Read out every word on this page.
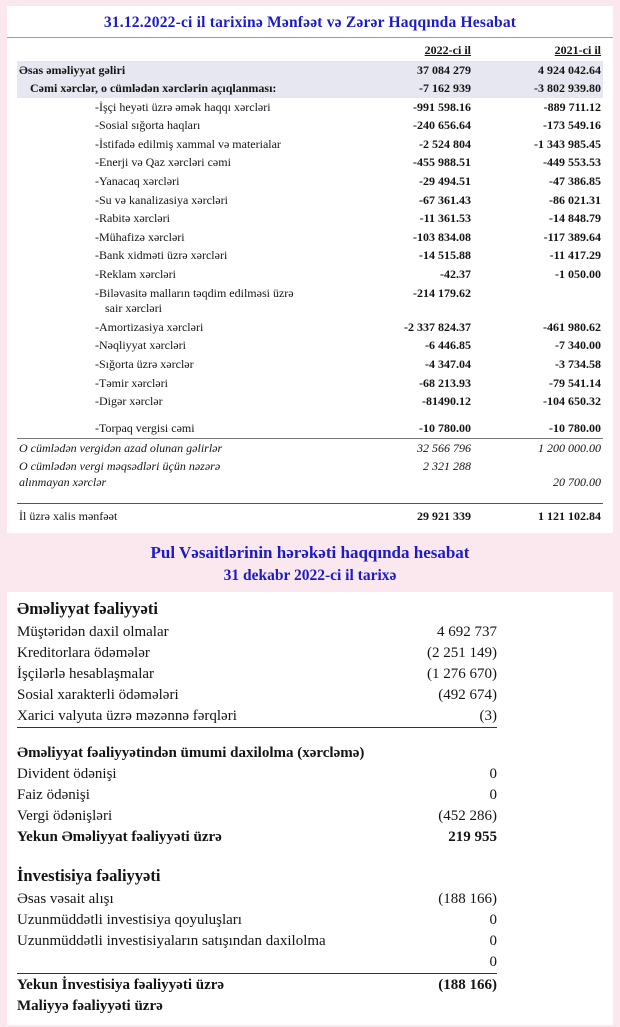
31.12.2022-ci il tarixinə Mənfəət və Zərər Haqqında Hesabat
	2022-ci il	2021-ci il
Əsas əməliyyat gəliri	37 084 279	4 924 042.64
Cəmi xərclər, o cümlədən xərclərin açıqlanması:	-7 162 939	-3 802 939.80
-İşçi heyəti üzrə əmək haqqı xərcləri	-991 598.16	-889 711.12
-Sosial sığorta haqları	-240 656.64	-173 549.16
-İstifadə edilmiş xammal və materialar	-2 524 804	-1 343 985.45
-Enerji və Qaz xərcləri cəmi	-455 988.51	-449 553.53
-Yanacaq xərcləri	-29 494.51	-47 386.85
-Su və kanalizasiya xərcləri	-67 361.43	-86 021.31
-Rabitə xərcləri	-11 361.53	-14 848.79
-Mühafizə xərcləri	-103 834.08	-117 389.64
-Bank xidməti üzrə xərcləri	-14 515.88	-11 417.29
-Reklam xərcləri	-42.37	-1 050.00

-Biləvasitə malların təqdim edilməsi üzrə
sair xərcləri	-214 179.62	
-Amortizasiya xərcləri	-2 337 824.37	-461 980.62
-Nəqliyyat xərcləri	-6 446.85	-7 340.00
-Sığorta üzrə xərclər	-4 347.04	-3 734.58
-Təmir xərcləri	-68 213.93	-79 541.14
-Digər xərclər	-81490.12	-104 650.32
-Torpaq vergisi cəmi	-10 780.00	-10 780.00
O cümlədən vergidən azad olunan gəlirlər	32 566 796	1 200 000.00

O cümlədən vergi məqsədləri üçün nəzərə
alınmayan xərclər	2 321 288	20 700.00
İl üzrə xalis mənfəət	29 921 339	1 121 102.84
Pul Vəsaitlərinin hərəkəti haqqında hesabat
31 dekabr 2022-ci il tarixə
Əməliyyat fəaliyyəti
Müştəridən daxil olmalar	4 692 737
Kreditorlara ödəmələr	(2 251 149)
İşçilərlə hesablaşmalar	(1 276 670)
Sosial xarakterli ödəmələri	(492 674)
Xarici valyuta üzrə məzənnə fərqləri	(3)
Əməliyyat fəaliyyətindən ümumi daxilolma (xərcləmə)
Divident ödənişi	0
Faiz ödənişi	0
Vergi ödənişləri	(452 286)
Yekun Əməliyyat fəaliyyəti üzrə	219 955
İnvestisiya fəaliyyəti
Əsas vəsait alışı	(188 166)
Uzunmüddətli investisiya qoyuluşları	0
Uzunmüddətli investisiyaların satışından daxilolma	0
0
Yekun İnvestisiya fəaliyyəti üzrə	(188 166)
Maliyyə fəaliyyəti üzrə
